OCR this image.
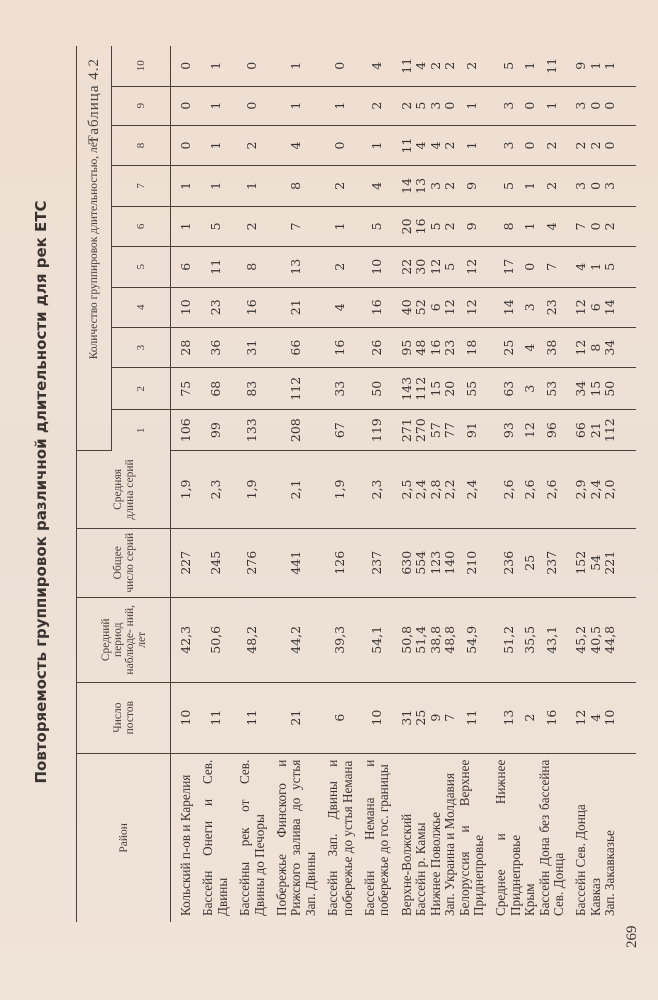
Таблица 4.2
Повторяемость группировок различной длительности для рек ЕТС
Район	Число постов	Средний период наблюде- ний, лет	Общее число серий	Средняя длина серий	Количество группировок длительностью, лет									
					1	2	3	4	5	6	7	8	9	10
Кольский п-ов и Карелия	10	42,3	227	1,9	106	75	28	10	6	1	1	0	0	0
Бассейн Онеги и Сев. Двины	11	50,6	245	2,3	99	68	36	23	11	5	1	1	1	1
Бассейны рек от Сев. Двины до Печоры	11	48,2	276	1,9	133	83	31	16	8	2	1	2	0	0
Побережье Финского и Рижского залива до устья Зап. Двины	21	44,2	441	2,1	208	112	66	21	13	7	8	4	1	1
Бассейн Зап. Двины и побережье до устья Немана	6	39,3	126	1,9	67	33	16	4	2	1	2	0	1	0
Бассейн Немана и побережье до гос. границы	10	54,1	237	2,3	119	50	26	16	10	5	4	1	2	4
Верхне-Волжский	31	50,8	630	2,5	271	143	95	40	22	20	14	11	2	11
Бассейн р. Камы	25	51,4	554	2,4	270	112	48	52	30	16	13	4	5	4
Нижнее Поволжье	9	38,8	123	2,8	57	15	16	6	12	5	3	4	3	2
Зап. Украина и Молдавия	7	48,8	140	2,2	77	20	23	12	5	2	2	2	0	2
Белоруссия и Верхнее Приднепровье	11	54,9	210	2,4	91	55	18	12	12	9	9	1	1	2
Среднее и Нижнее Приднепровье	13	51,2	236	2,6	93	63	25	14	17	8	5	3	3	5
Крым	2	35,5	25	2,6	12	3	4	3	0	1	1	0	0	1
Бассейн Дона без бассейна Сев. Донца	16	43,1	237	2,6	96	53	38	23	7	4	2	2	1	11
Бассейн Сев. Донца	12	45,2	152	2,9	66	34	12	12	4	7	3	2	3	9
Кавказ	4	40,5	54	2,4	21	15	8	6	1	0	0	2	0	1
Зап. Закавказье	10	44,8	221	2,0	112	50	34	14	5	2	3	0	0	1
269
